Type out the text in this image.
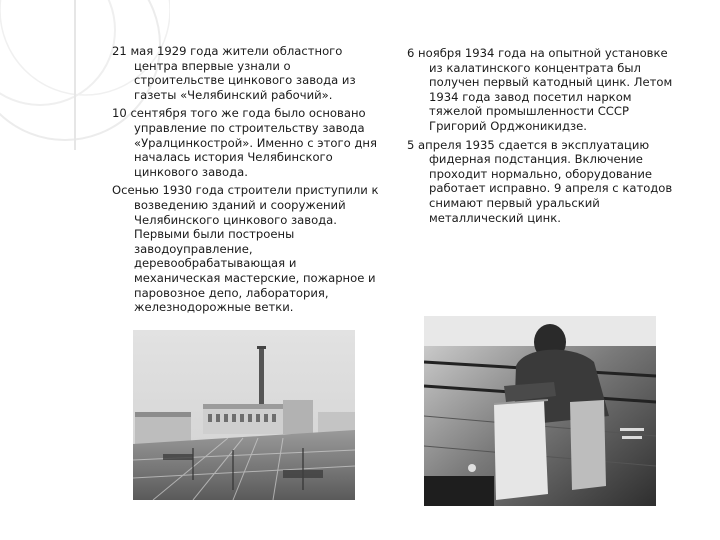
21 мая 1929 года жители областного центра впервые узнали о строительстве цинкового завода из газеты «Челябинский рабочий».

10 сентября того же года было основано управление по строительству завода «Уралцинкострой». Именно с этого дня началась история Челябинского цинкового завода.

Осенью 1930 года строители приступили к возведению зданий и сооружений Челябинского цинкового завода. Первыми были построены заводоуправление, деревообрабатывающая и механическая мастерские, пожарное и паровозное депо, лаборатория, железнодорожные ветки.

6 ноября 1934 года на опытной установке из калатинского концентрата был получен первый катодный цинк. Летом 1934 года завод посетил нарком тяжелой промышленности СССР Григорий Орджоникидзе.

5 апреля 1935 сдается в эксплуатацию фидерная подстанция. Включение проходит нормально, оборудование работает исправно. 9 апреля с катодов снимают первый уральский металлический цинк.
